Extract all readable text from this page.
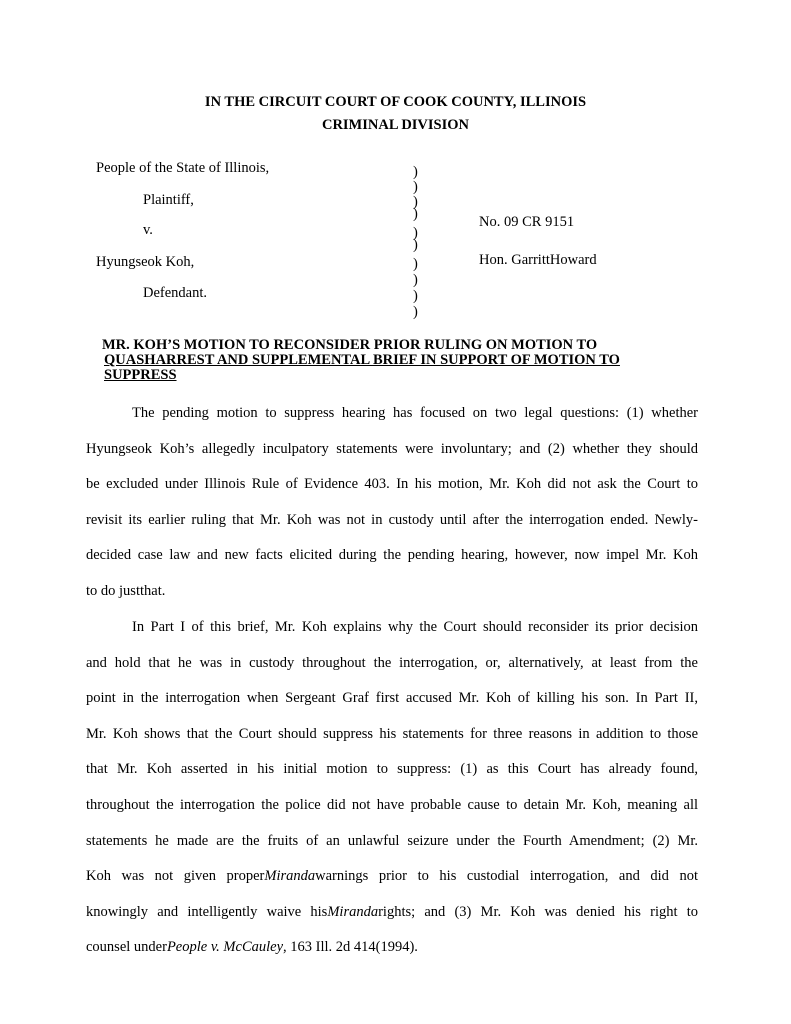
IN THE CIRCUIT COURT OF COOK COUNTY, ILLINOIS
CRIMINAL DIVISION
People of the State of Illinois,
Plaintiff,
v.
Hyungseok Koh,
Defendant.
No. 09 CR 9151
Hon. GarrittHoward
)
)
)
)
)
)
)
)
)
)
MR. KOH’S MOTION TO RECONSIDER PRIOR RULING ON MOTION TO
QUASHARREST AND SUPPLEMENTAL BRIEF IN SUPPORT OF MOTION TO
SUPPRESS
The pending motion to suppress hearing has focused on two legal questions: (1) whether
Hyungseok Koh’s allegedly inculpatory statements were involuntary; and (2) whether they should
be excluded under Illinois Rule of Evidence 403. In his motion, Mr. Koh did not ask the Court to
revisit its earlier ruling that Mr. Koh was not in custody until after the interrogation ended. Newly-
decided case law and new facts elicited during the pending hearing, however, now impel Mr. Koh
to do justthat.
In Part I of this brief, Mr. Koh explains why the Court should reconsider its prior decision
and hold that he was in custody throughout the interrogation, or, alternatively, at least from the
point in the interrogation when Sergeant Graf first accused Mr. Koh of killing his son. In Part II,
Mr. Koh shows that the Court should suppress his statements for three reasons in addition to those
that Mr. Koh asserted in his initial motion to suppress: (1) as this Court has already found,
throughout the interrogation the police did not have probable cause to detain Mr. Koh, meaning all
statements he made are the fruits of an unlawful seizure under the Fourth Amendment; (2) Mr.
Koh was not given properMirandawarnings prior to his custodial interrogation, and did not
knowingly and intelligently waive hisMirandarights; and (3) Mr. Koh was denied his right to
counsel underPeople v. McCauley, 163 Ill. 2d 414(1994).
